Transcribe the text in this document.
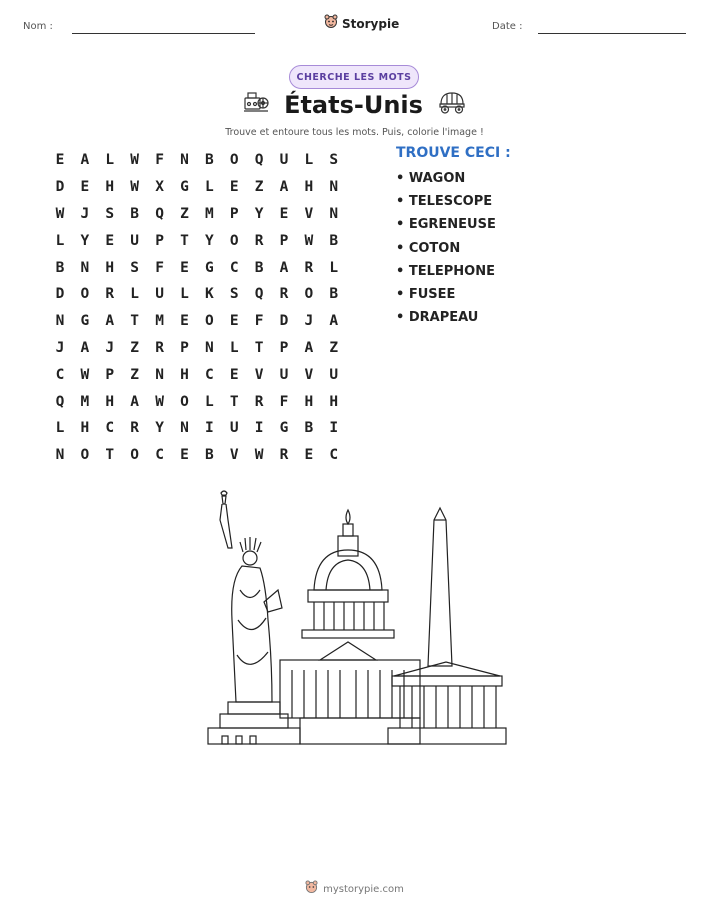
Nom :	Storypie	Date :
CHERCHE LES MOTS
États-Unis
Trouve et entoure tous les mots. Puis, colorie l'image !
E	A	L	W	F	N	B	O	Q	U	L	S
D	E	H	W	X	G	L	E	Z	A	H	N
W	J	S	B	Q	Z	M	P	Y	E	V	N
L	Y	E	U	P	T	Y	O	R	P	W	B
B	N	H	S	F	E	G	C	B	A	R	L
D	O	R	L	U	L	K	S	Q	R	O	B
N	G	A	T	M	E	O	E	F	D	J	A
J	A	J	Z	R	P	N	L	T	P	A	Z
C	W	P	Z	N	H	C	E	V	U	V	U
Q	M	H	A	W	O	L	T	R	F	H	H
L	H	C	R	Y	N	I	U	I	G	B	I
N	O	T	O	C	E	B	V	W	R	E	C
TROUVE CECI :
• WAGON
• TELESCOPE
• EGRENEUSE
• COTON
• TELEPHONE
• FUSEE
• DRAPEAU
mystorypie.com
